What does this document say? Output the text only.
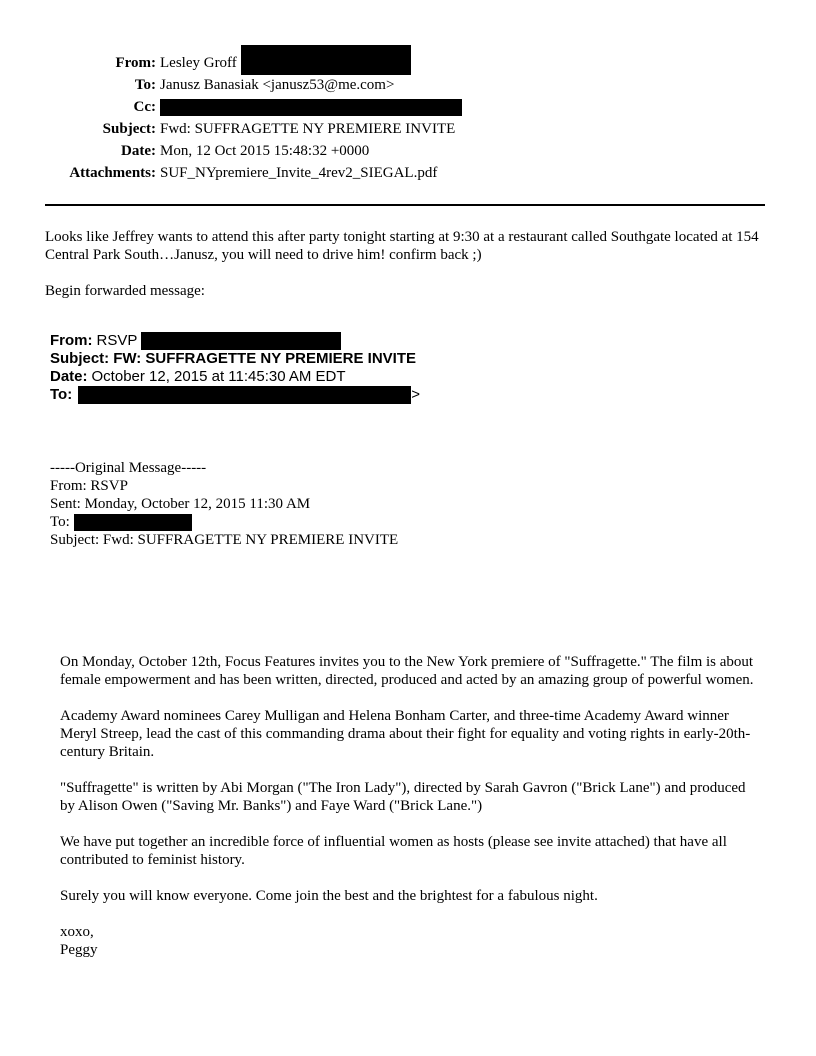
From: Lesley Groff
To: Janusz Banasiak <janusz53@me.com>
Cc:
Subject: Fwd: SUFFRAGETTE NY PREMIERE INVITE
Date: Mon, 12 Oct 2015 15:48:32 +0000
Attachments: SUF_NYpremiere_Invite_4rev2_SIEGAL.pdf
Looks like Jeffrey wants to attend this after party tonight starting at 9:30 at a restaurant called Southgate located at 154 Central Park South…Janusz, you will need to drive him! confirm back ;)
Begin forwarded message:
From: RSVP
Subject: FW: SUFFRAGETTE NY PREMIERE INVITE
Date: October 12, 2015 at 11:45:30 AM EDT
To:	>
-----Original Message-----
From: RSVP
Sent: Monday, October 12, 2015 11:30 AM
To:
Subject: Fwd: SUFFRAGETTE NY PREMIERE INVITE

On Monday, October 12th, Focus Features invites you to the New York premiere of "Suffragette." The film is about female empowerment and has been written, directed, produced and acted by an amazing group of powerful women.

Academy Award nominees Carey Mulligan and Helena Bonham Carter, and three-time Academy Award winner Meryl Streep, lead the cast of this commanding drama about their fight for equality and voting rights in early-20th-century Britain.

"Suffragette" is written by Abi Morgan ("The Iron Lady"), directed by Sarah Gavron ("Brick Lane") and produced by Alison Owen ("Saving Mr. Banks") and Faye Ward ("Brick Lane.")

We have put together an incredible force of influential women as hosts (please see invite attached) that have all contributed to feminist history.

Surely you will know everyone. Come join the best and the brightest for a fabulous night.

xoxo,
Peggy
